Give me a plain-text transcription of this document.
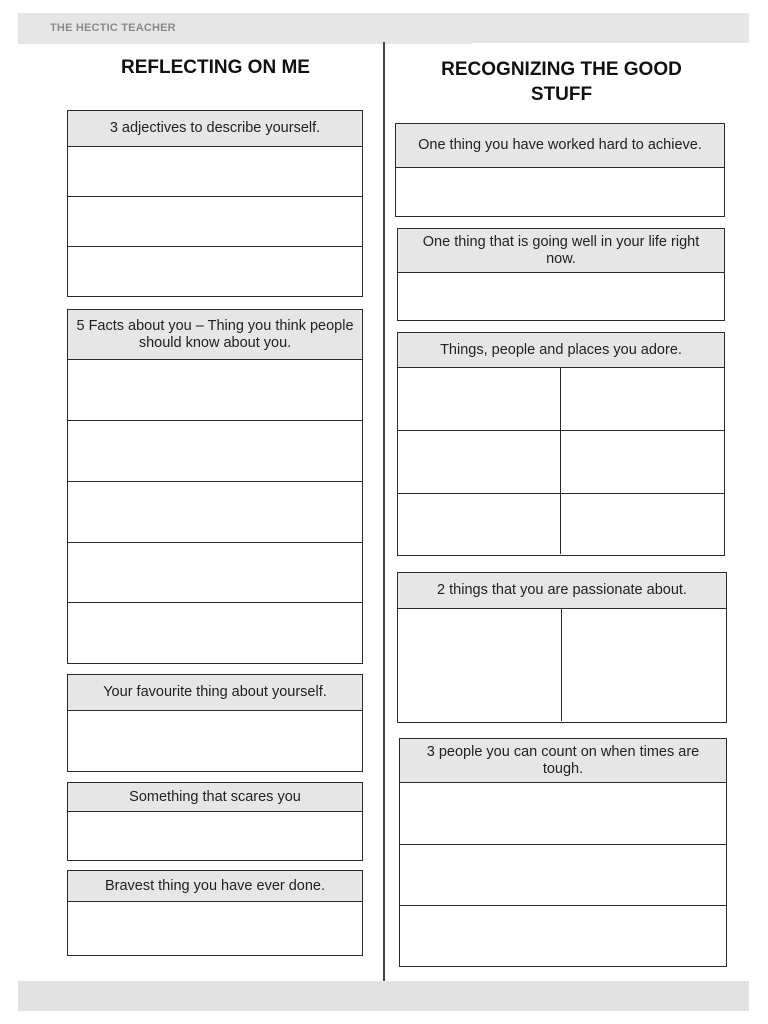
THE HECTIC TEACHER
REFLECTING ON ME
3 adjectives to describe yourself.
5 Facts about you – Thing you think people should know about you.
Your favourite thing about yourself.
Something that scares you
Bravest thing you have ever done.
RECOGNIZING THE GOOD STUFF
One thing you have worked hard to achieve.
One thing that is going well in your life right now.
Things, people and places you adore.
2 things that you are passionate about.
3 people you can count on when times are tough.
